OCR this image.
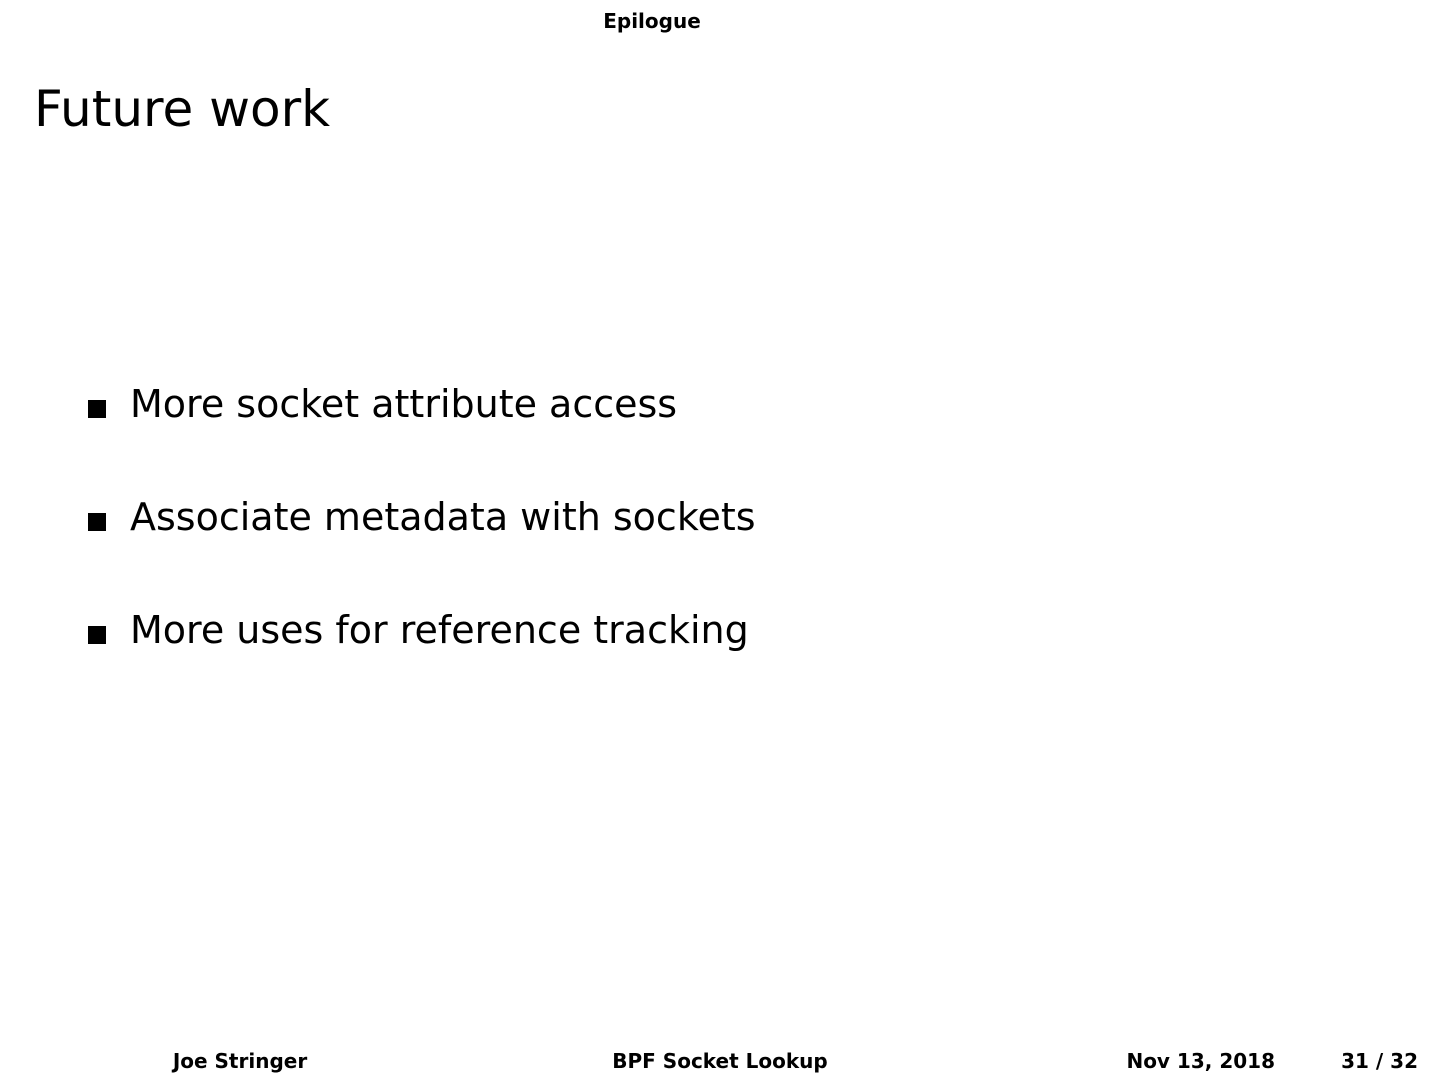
Epilogue
Future work
More socket attribute access
Associate metadata with sockets
More uses for reference tracking
Joe Stringer	BPF Socket Lookup	Nov 13, 2018	31 / 32
